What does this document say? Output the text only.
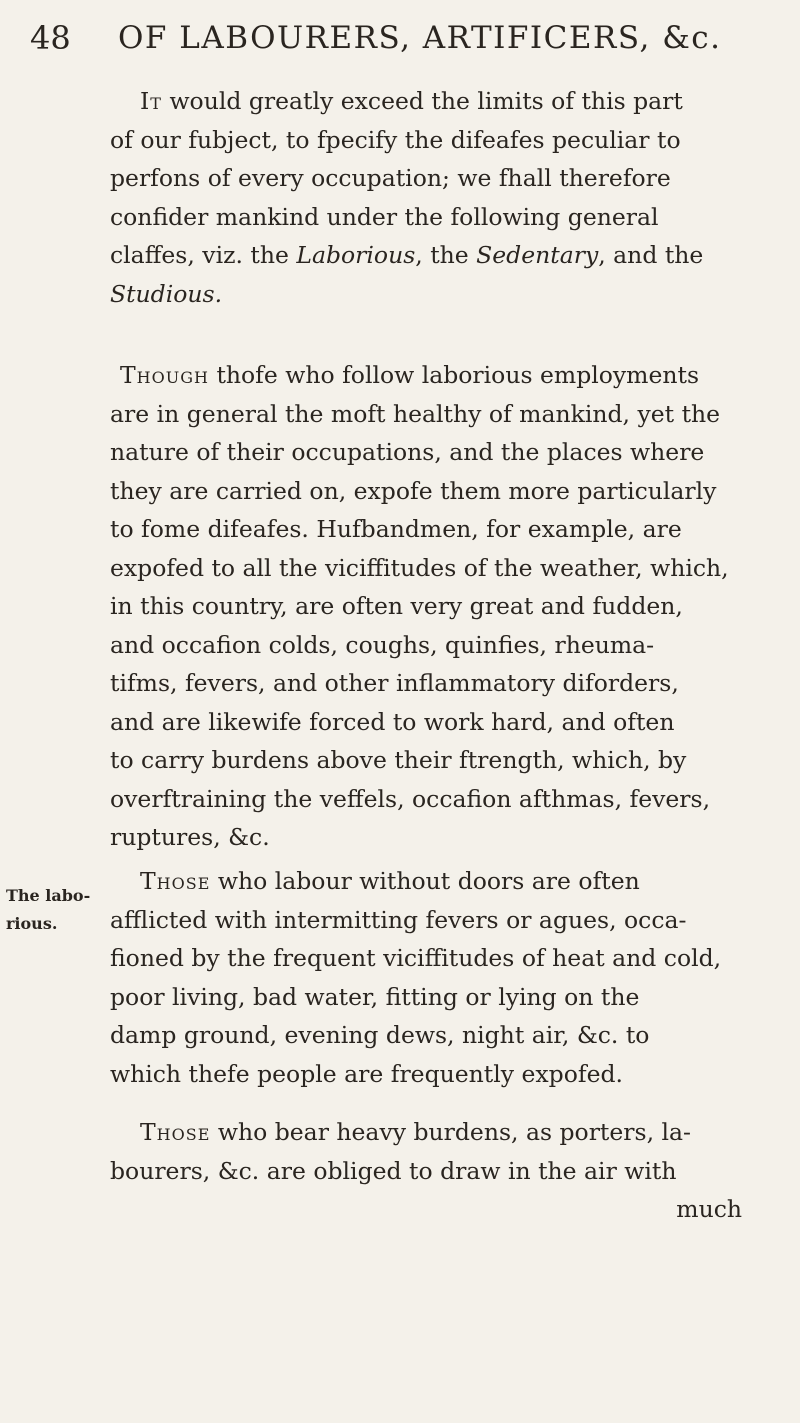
48 OF LABOURERS, ARTIFICERS, &c.
The labo-
rious.

It would greatly exceed the limits of this part
of our fubject, to fpecify the difeafes peculiar to
perfons of every occupation; we fhall therefore
confider mankind under the following general
claffes, viz. the Laborious, the Sedentary, and the
Studious.

Though thofe who follow laborious employments
are in general the moft healthy of mankind, yet the
nature of their occupations, and the places where
they are carried on, expofe them more particularly
to fome difeafes. Hufbandmen, for example, are
expofed to all the viciffitudes of the weather, which,
in this country, are often very great and fudden,
and occafion colds, coughs, quinfies, rheuma-
tifms, fevers, and other inflammatory diforders,
and are likewife forced to work hard, and often
to carry burdens above their ftrength, which, by
overftraining the veffels, occafion afthmas, fevers,
ruptures, &c.

Those who labour without doors are often
afflicted with intermitting fevers or agues, occa-
fioned by the frequent viciffitudes of heat and cold,
poor living, bad water, fitting or lying on the
damp ground, evening dews, night air, &c. to
which thefe people are frequently expofed.

Those who bear heavy burdens, as porters, la-
bourers, &c. are obliged to draw in the air with
much
